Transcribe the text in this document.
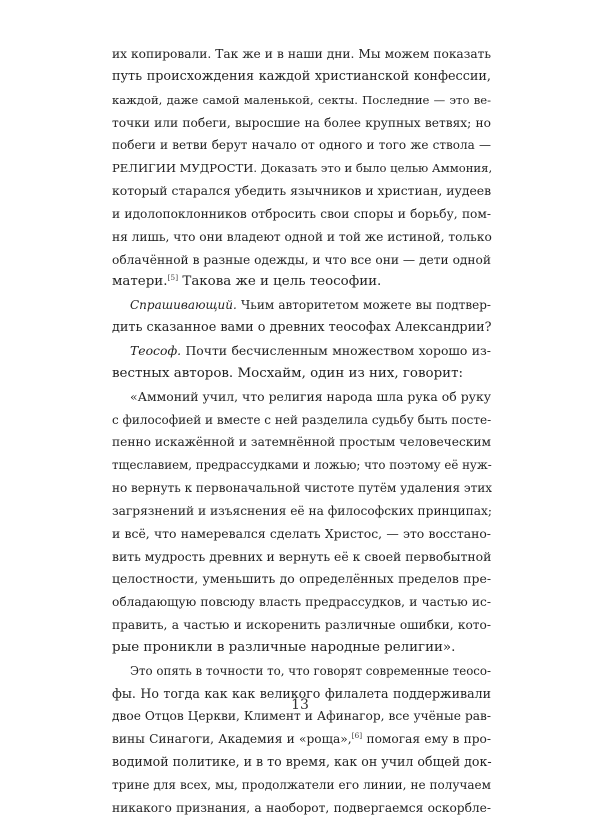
их копировали. Так же и в наши дни. Мы можем показать
путь происхождения каждой христианской конфессии,
каждой, даже самой маленькой, секты. Последние — это ве-
точки или побеги, выросшие на более крупных ветвях; но
побеги и ветви берут начало от одного и того же ствола —
РЕЛИГИИ МУДРОСТИ. Доказать это и было целью Аммония,
который старался убедить язычников и христиан, иудеев
и идолопоклонников отбросить свои споры и борьбу, пом-
ня лишь, что они владеют одной и той же истиной, только
облачённой в разные одежды, и что все они — дети одной
матери.[5] Такова же и цель теософии.
Спрашивающий. Чьим авторитетом можете вы подтвер-
дить сказанное вами о древних теософах Александрии?
Теософ. Почти бесчисленным множеством хорошо из-
вестных авторов. Мосхайм, один из них, говорит:
«Аммоний учил, что религия народа шла рука об руку
с философией и вместе с ней разделила судьбу быть посте-
пенно искажённой и затемнённой простым человеческим
тщеславием, предрассудками и ложью; что поэтому её нуж-
но вернуть к первоначальной чистоте путём удаления этих
загрязнений и изъяснения её на философских принципах;
и всё, что намеревался сделать Христос, — это восстано-
вить мудрость древних и вернуть её к своей первобытной
целостности, уменьшить до определённых пределов пре-
обладающую повсюду власть предрассудков, и частью ис-
править, а частью и искоренить различные ошибки, кото-
рые проникли в различные народные религии».
Это опять в точности то, что говорят современные теосо-
фы. Но тогда как как великого филалета поддерживали
двое Отцов Церкви, Климент и Афинагор, все учёные рав-
вины Синагоги, Академия и «роща»,[6] помогая ему в про-
водимой политике, и в то время, как он учил общей док-
трине для всех, мы, продолжатели его линии, не получаем
никакого признания, а наоборот, подвергаемся оскорбле-
13
